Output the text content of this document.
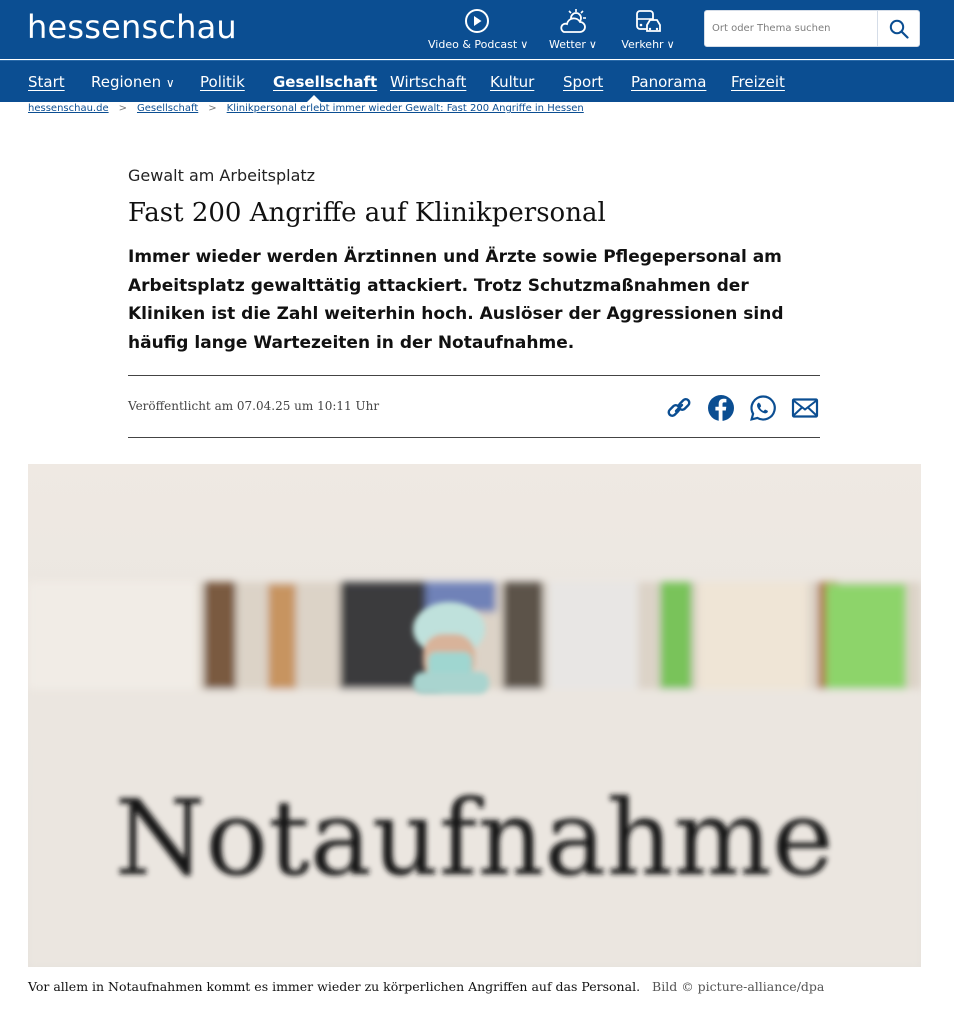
hessenschau	Video & Podcast ∨ Wetter ∨ Verkehr ∨
Ort oder Thema suchen
Start Regionen ∨ Politik Gesellschaft Wirtschaft Kultur Sport Panorama Freizeit
hessenschau.de > Gesellschaft > Klinikpersonal erlebt immer wieder Gewalt: Fast 200 Angriffe in Hessen
Gewalt am Arbeitsplatz
Fast 200 Angriffe auf Klinikpersonal

Immer wieder werden Ärztinnen und Ärzte sowie Pflegepersonal am Arbeitsplatz gewalttätig attackiert. Trotz Schutzmaßnahmen der Kliniken ist die Zahl weiterhin hoch. Auslöser der Aggressionen sind häufig lange Wartezeiten in der Notaufnahme.

Veröffentlicht am 07.04.25 um 10:11 Uhr
Notaufnahme
Vor allem in Notaufnahmen kommt es immer wieder zu körperlichen Angriffen auf das Personal. Bild © picture-alliance/dpa
